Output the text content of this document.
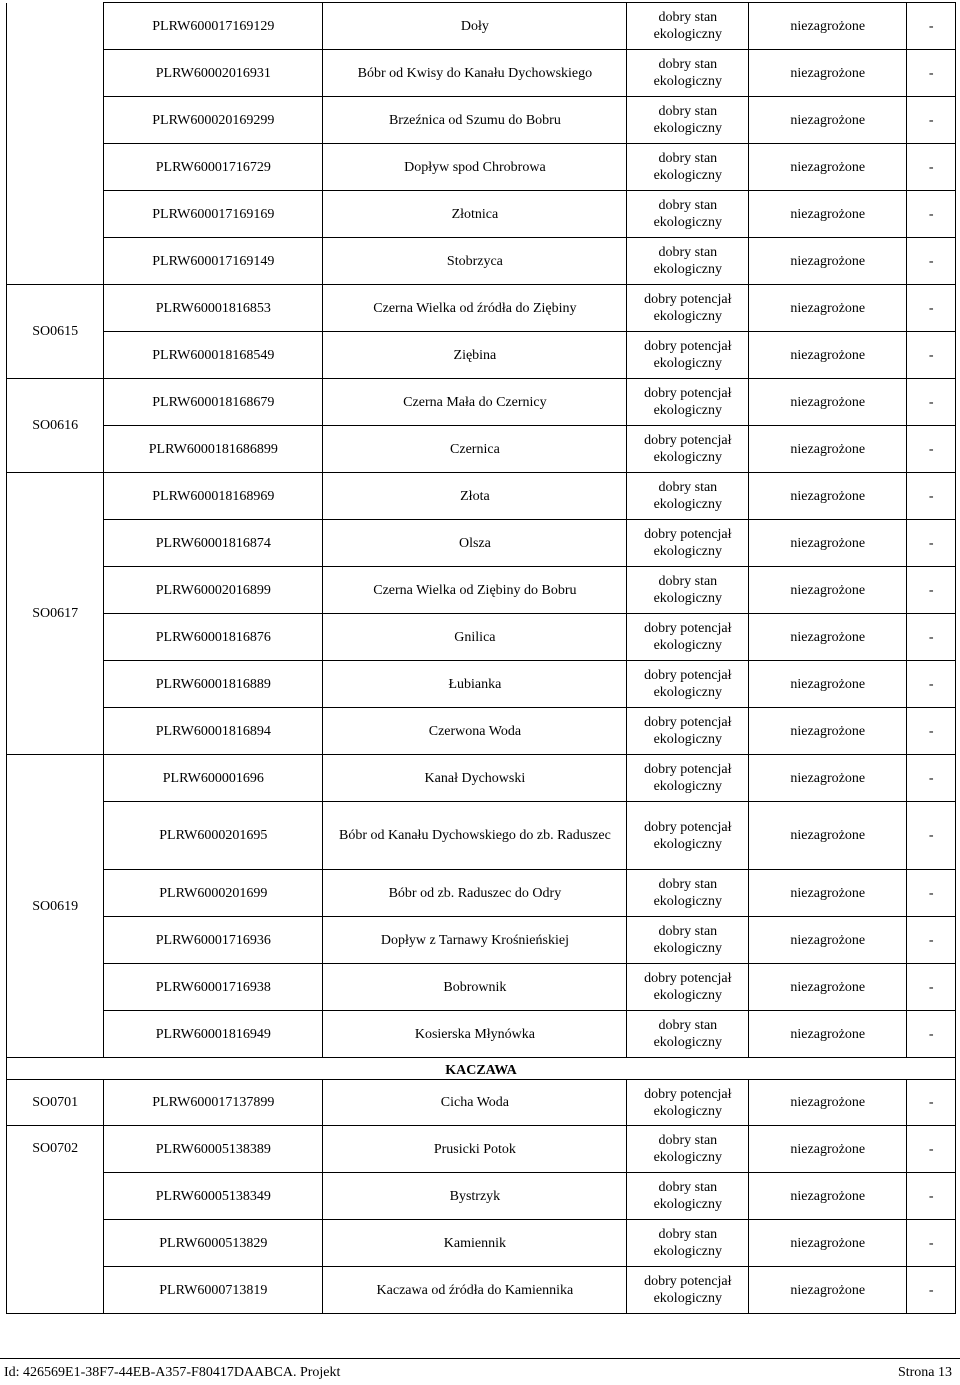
	PLRW600017169129	Doły	dobry stan
ekologiczny	niezagrożone	-
	PLRW60002016931	Bóbr od Kwisy do Kanału Dychowskiego	dobry stan
ekologiczny	niezagrożone	-
	PLRW600020169299	Brzeźnica od Szumu do Bobru	dobry stan
ekologiczny	niezagrożone	-
	PLRW60001716729	Dopływ spod Chrobrowa	dobry stan
ekologiczny	niezagrożone	-
	PLRW600017169169	Złotnica	dobry stan
ekologiczny	niezagrożone	-
	PLRW600017169149	Stobrzyca	dobry stan
ekologiczny	niezagrożone	-
SO0615	PLRW60001816853	Czerna Wielka od źródła do Ziębiny	dobry potencjał
ekologiczny	niezagrożone	-
	PLRW600018168549	Ziębina	dobry potencjał
ekologiczny	niezagrożone	-
SO0616	PLRW600018168679	Czerna Mała do Czernicy	dobry potencjał
ekologiczny	niezagrożone	-
	PLRW6000181686899	Czernica	dobry potencjał
ekologiczny	niezagrożone	-
SO0617	PLRW600018168969	Złota	dobry stan
ekologiczny	niezagrożone	-
	PLRW60001816874	Olsza	dobry potencjał
ekologiczny	niezagrożone	-
	PLRW60002016899	Czerna Wielka od Ziębiny do Bobru	dobry stan
ekologiczny	niezagrożone	-
	PLRW60001816876	Gnilica	dobry potencjał
ekologiczny	niezagrożone	-
	PLRW60001816889	Łubianka	dobry potencjał
ekologiczny	niezagrożone	-
	PLRW60001816894	Czerwona Woda	dobry potencjał
ekologiczny	niezagrożone	-
SO0619	PLRW600001696	Kanał Dychowski	dobry potencjał
ekologiczny	niezagrożone	-
	PLRW6000201695	Bóbr od Kanału Dychowskiego do zb. Raduszec	dobry potencjał
ekologiczny	niezagrożone	-
	PLRW6000201699	Bóbr od zb. Raduszec do Odry	dobry stan
ekologiczny	niezagrożone	-
	PLRW60001716936	Dopływ z Tarnawy Krośnieńskiej	dobry stan
ekologiczny	niezagrożone	-
	PLRW60001716938	Bobrownik	dobry potencjał
ekologiczny	niezagrożone	-
	PLRW60001816949	Kosierska Młynówka	dobry stan
ekologiczny	niezagrożone	-
KACZAWA					
SO0701	PLRW600017137899	Cicha Woda	dobry potencjał
ekologiczny	niezagrożone	-
SO0702	PLRW60005138389	Prusicki Potok	dobry stan
ekologiczny	niezagrożone	-
	PLRW60005138349	Bystrzyk	dobry stan
ekologiczny	niezagrożone	-
	PLRW6000513829	Kamiennik	dobry stan
ekologiczny	niezagrożone	-
	PLRW6000713819	Kaczawa od źródła do Kamiennika	dobry potencjał
ekologiczny	niezagrożone	-
Id: 426569E1-38F7-44EB-A357-F80417DAABCA. Projekt	Strona 13
